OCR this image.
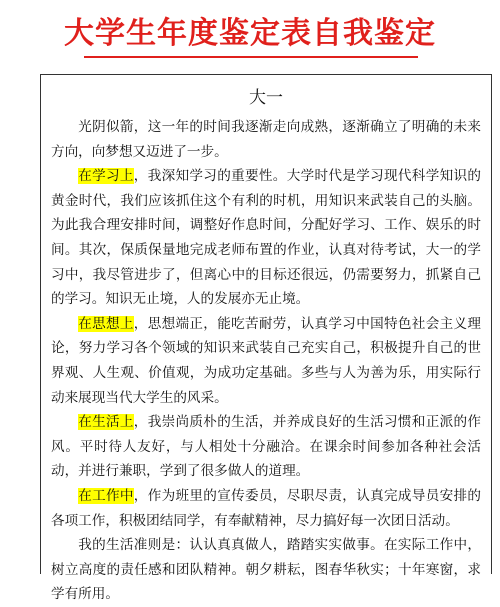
大学生年度鉴定表自我鉴定
大一

光阴似箭，这一年的时间我逐渐走向成熟，逐渐确立了明确的未来方向，向梦想又迈进了一步。

在学习上，我深知学习的重要性。大学时代是学习现代科学知识的黄金时代，我们应该抓住这个有利的时机，用知识来武装自己的头脑。为此我合理安排时间，调整好作息时间，分配好学习、工作、娱乐的时间。其次，保质保量地完成老师布置的作业，认真对待考试，大一的学习中，我尽管进步了，但离心中的目标还很远，仍需要努力，抓紧自己的学习。知识无止境，人的发展亦无止境。

在思想上，思想端正，能吃苦耐劳，认真学习中国特色社会主义理论，努力学习各个领域的知识来武装自己充实自己，积极提升自己的世界观、人生观、价值观，为成功定基础。多些与人为善为乐，用实际行动来展现当代大学生的风采。

在生活上，我崇尚质朴的生活，并养成良好的生活习惯和正派的作风。平时待人友好，与人相处十分融洽。在课余时间参加各种社会活动，并进行兼职，学到了很多做人的道理。

在工作中，作为班里的宣传委员，尽职尽责，认真完成导员安排的各项工作，积极团结同学，有奉献精神，尽力搞好每一次团日活动。

我的生活准则是：认认真真做人，踏踏实实做事。在实际工作中，树立高度的责任感和团队精神。朝夕耕耘，图春华秋实；十年寒窗，求学有所用。
